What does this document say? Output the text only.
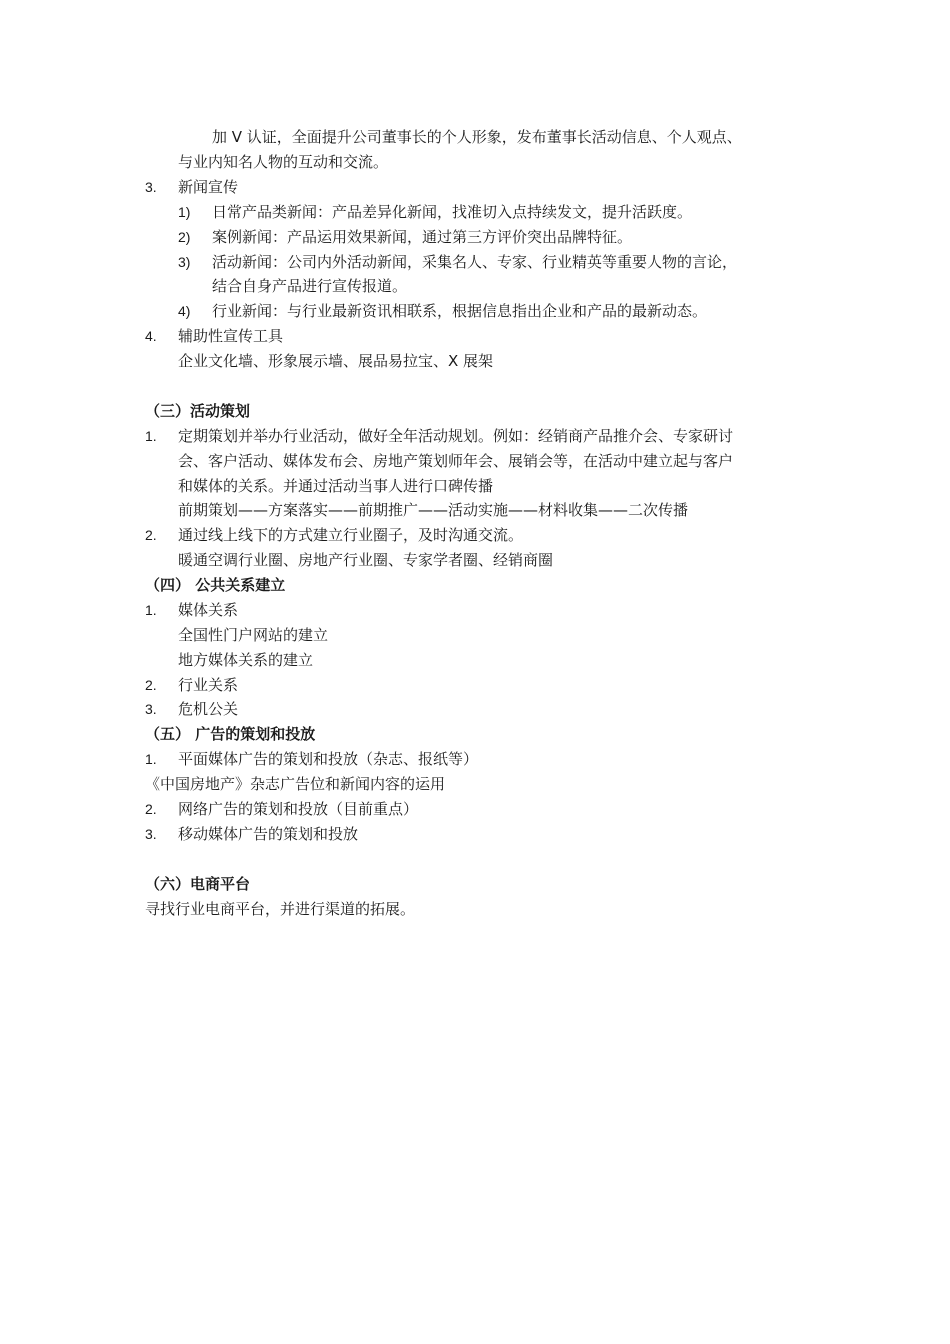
加 V 认证，全面提升公司董事长的个人形象，发布董事长活动信息、个人观点、
与业内知名人物的互动和交流。
3. 新闻宣传
1) 日常产品类新闻：产品差异化新闻，找准切入点持续发文，提升活跃度。
2) 案例新闻：产品运用效果新闻，通过第三方评价突出品牌特征。
3) 活动新闻：公司内外活动新闻，采集名人、专家、行业精英等重要人物的言论，
结合自身产品进行宣传报道。
4) 行业新闻：与行业最新资讯相联系，根据信息指出企业和产品的最新动态。
4. 辅助性宣传工具
企业文化墙、形象展示墙、展品易拉宝、X 展架
（三）活动策划
1. 定期策划并举办行业活动，做好全年活动规划。例如：经销商产品推介会、专家研讨
会、客户活动、媒体发布会、房地产策划师年会、展销会等，在活动中建立起与客户
和媒体的关系。并通过活动当事人进行口碑传播
前期策划——方案落实——前期推广——活动实施——材料收集——二次传播
2. 通过线上线下的方式建立行业圈子，及时沟通交流。
暖通空调行业圈、房地产行业圈、专家学者圈、经销商圈
（四） 公共关系建立
1. 媒体关系
全国性门户网站的建立
地方媒体关系的建立
2. 行业关系
3. 危机公关
（五） 广告的策划和投放
1. 平面媒体广告的策划和投放（杂志、报纸等）
《中国房地产》杂志广告位和新闻内容的运用
2. 网络广告的策划和投放（目前重点）
3. 移动媒体广告的策划和投放
（六）电商平台
寻找行业电商平台，并进行渠道的拓展。
